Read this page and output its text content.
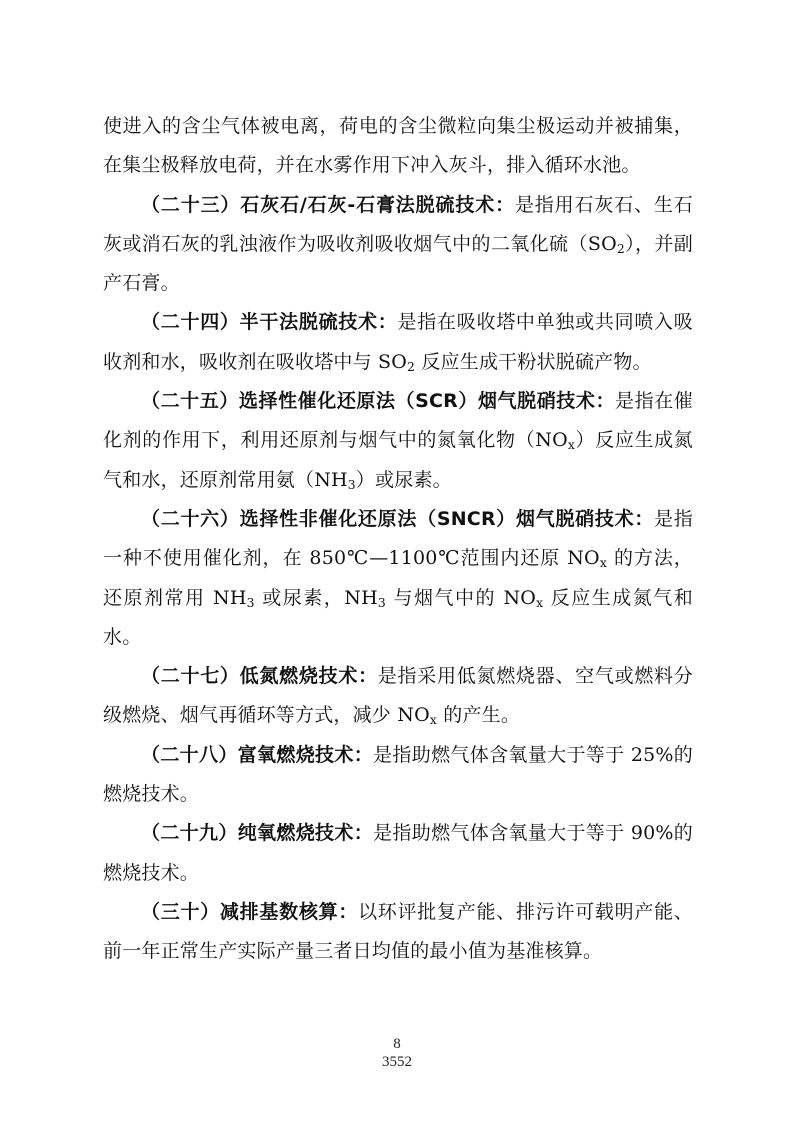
使进入的含尘气体被电离，荷电的含尘微粒向集尘极运动并被捕集，在集尘极释放电荷，并在水雾作用下冲入灰斗，排入循环水池。

（二十三）石灰石/石灰-石膏法脱硫技术：是指用石灰石、生石灰或消石灰的乳浊液作为吸收剂吸收烟气中的二氧化硫$(SO_2)$，并副产石膏。

（二十四）半干法脱硫技术：是指在吸收塔中单独或共同喷入吸收剂和水，吸收剂在吸收塔中与 $SO_2$ 反应生成干粉状脱硫产物。

（二十五）选择性催化还原法（SCR）烟气脱硝技术：是指在催化剂的作用下，利用还原剂与烟气中的氮氧化物$(NO_x)$反应生成氮气和水，还原剂常用氨$(NH_3)$或尿素。

（二十六）选择性非催化还原法（SNCR）烟气脱硝技术：是指一种不使用催化剂，在 850℃—1100℃范围内还原 $NO_x$ 的方法，还原剂常用 $NH_3$ 或尿素，$NH_3$ 与烟气中的 $NO_x$ 反应生成氮气和水。

（二十七）低氮燃烧技术：是指采用低氮燃烧器、空气或燃料分级燃烧、烟气再循环等方式，减少 $NO_x$ 的产生。

（二十八）富氧燃烧技术：是指助燃气体含氧量大于等于 25%的燃烧技术。

（二十九）纯氧燃烧技术：是指助燃气体含氧量大于等于 90%的燃烧技术。

（三十）减排基数核算：以环评批复产能、排污许可载明产能、前一年正常生产实际产量三者日均值的最小值为基准核算。

8
3552
